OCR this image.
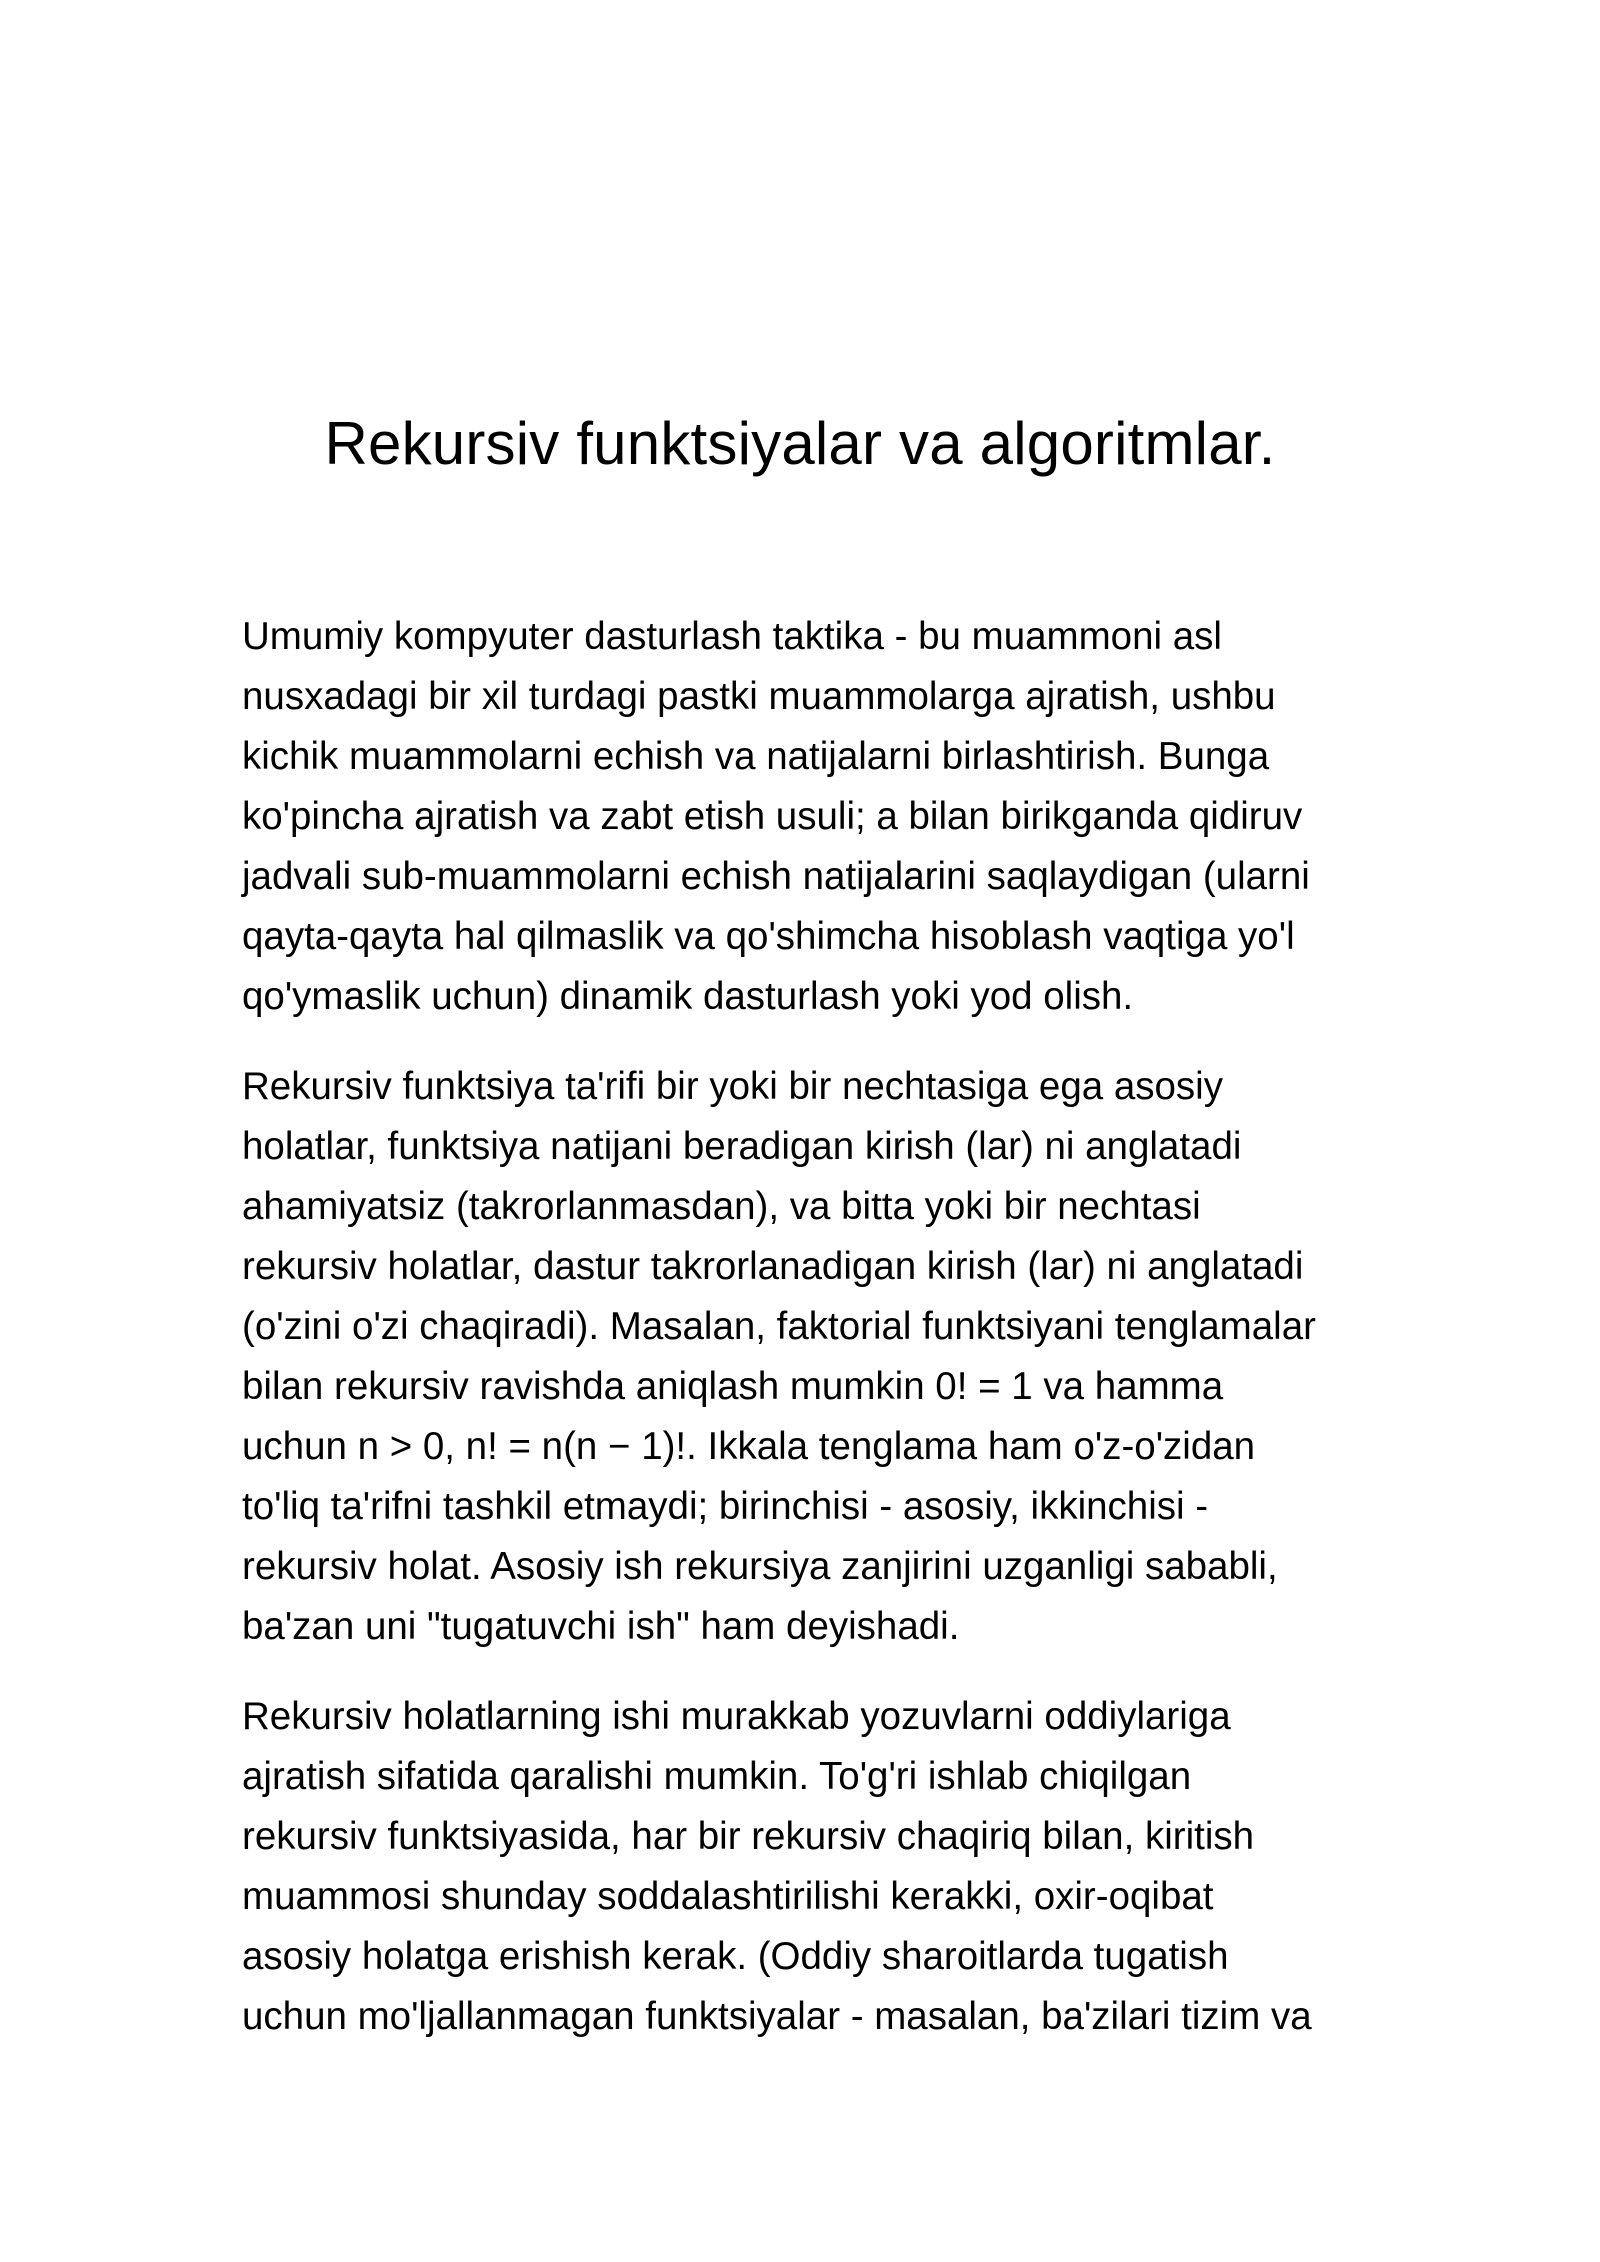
Rekursiv funktsiyalar va algoritmlar.

Umumiy kompyuter dasturlash taktika - bu muammoni asl
nusxadagi bir xil turdagi pastki muammolarga ajratish, ushbu
kichik muammolarni echish va natijalarni birlashtirish. Bunga
ko'pincha ajratish va zabt etish usuli; a bilan birikganda qidiruv
jadvali sub-muammolarni echish natijalarini saqlaydigan (ularni
qayta-qayta hal qilmaslik va qo'shimcha hisoblash vaqtiga yo'l
qo'ymaslik uchun) dinamik dasturlash yoki yod olish.

Rekursiv funktsiya ta'rifi bir yoki bir nechtasiga ega asosiy
holatlar, funktsiya natijani beradigan kirish (lar) ni anglatadi
ahamiyatsiz (takrorlanmasdan), va bitta yoki bir nechtasi
rekursiv holatlar, dastur takrorlanadigan kirish (lar) ni anglatadi
(o'zini o'zi chaqiradi). Masalan, faktorial funktsiyani tenglamalar
bilan rekursiv ravishda aniqlash mumkin 0! = 1 va hamma
uchun n > 0, n! = n(n − 1)!. Ikkala tenglama ham o'z-o'zidan
to'liq ta'rifni tashkil etmaydi; birinchisi - asosiy, ikkinchisi -
rekursiv holat. Asosiy ish rekursiya zanjirini uzganligi sababli,
ba'zan uni "tugatuvchi ish" ham deyishadi.

Rekursiv holatlarning ishi murakkab yozuvlarni oddiylariga
ajratish sifatida qaralishi mumkin. To'g'ri ishlab chiqilgan
rekursiv funktsiyasida, har bir rekursiv chaqiriq bilan, kiritish
muammosi shunday soddalashtirilishi kerakki, oxir-oqibat
asosiy holatga erishish kerak. (Oddiy sharoitlarda tugatish
uchun mo'ljallanmagan funktsiyalar - masalan, ba'zilari tizim va
